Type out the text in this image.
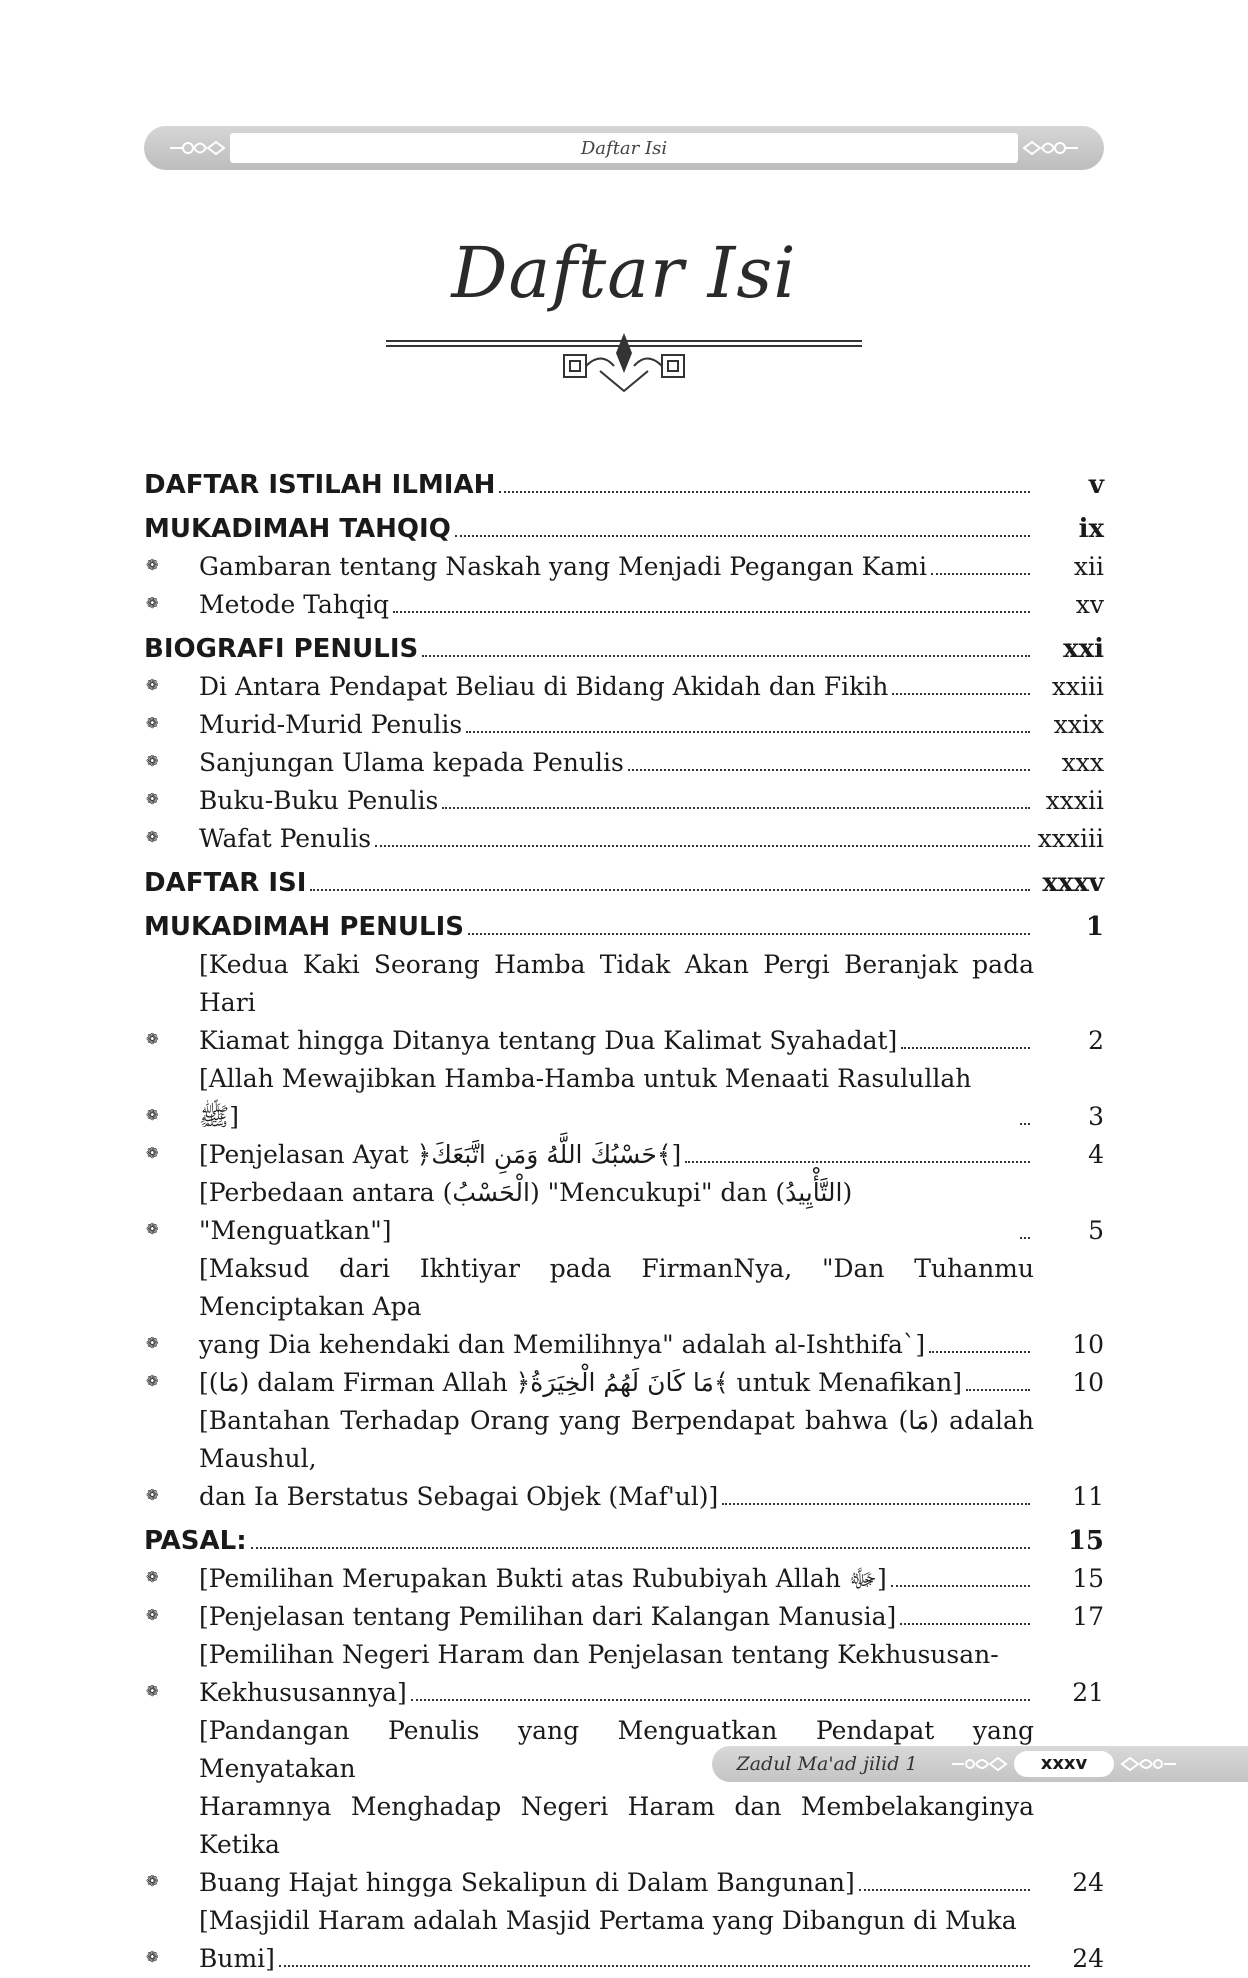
Daftar Isi
Daftar Isi
DAFTAR ISTILAH ILMIAH	v
MUKADIMAH TAHQIQ	ix
❁ Gambaran tentang Naskah yang Menjadi Pegangan Kami	xii
❁ Metode Tahqiq	xv
BIOGRAFI PENULIS	xxi
❁ Di Antara Pendapat Beliau di Bidang Akidah dan Fikih	xxiii
❁ Murid-Murid Penulis	xxix
❁ Sanjungan Ulama kepada Penulis	xxx
❁ Buku-Buku Penulis	xxxii
❁ Wafat Penulis	xxxiii
DAFTAR ISI	xxxv
MUKADIMAH PENULIS	1
❁
[Kedua Kaki Seorang Hamba Tidak Akan Pergi Beranjak pada Hari
Kiamat hingga Ditanya tentang Dua Kalimat Syahadat]	2
❁
[Allah Mewajibkan Hamba-Hamba untuk Menaati Rasulullah ﷺ]	3
❁ [Penjelasan Ayat ﴿حَسْبُكَ اللَّهُ وَمَنِ اتَّبَعَكَ﴾]	4
❁
[Perbedaan antara (الْحَسْبُ) "Mencukupi" dan (التَّأْيِيدُ) "Menguatkan"]	5
❁
[Maksud dari Ikhtiyar pada FirmanNya, "Dan Tuhanmu Menciptakan Apa
yang Dia kehendaki dan Memilihnya" adalah al-Ishthifa`]	10
❁ [(مَا) dalam Firman Allah ﴿مَا كَانَ لَهُمُ الْخِيَرَةُ﴾ untuk Menafikan]	10
❁
[Bantahan Terhadap Orang yang Berpendapat bahwa (مَا) adalah Maushul,
dan Ia Berstatus Sebagai Objek (Maf'ul)]	11
PASAL:	15
❁ [Pemilihan Merupakan Bukti atas Rububiyah Allah ﷻ]	15
❁ [Penjelasan tentang Pemilihan dari Kalangan Manusia]	17
❁
[Pemilihan Negeri Haram dan Penjelasan tentang Kekhususan-
Kekhususannya]	21
❁
[Pandangan Penulis yang Menguatkan Pendapat yang Menyatakan
Haramnya Menghadap Negeri Haram dan Membelakanginya Ketika
Buang Hajat hingga Sekalipun di Dalam Bangunan]	24
❁
[Masjidil Haram adalah Masjid Pertama yang Dibangun di Muka
Bumi]	24
Zadul Ma'ad jilid 1	xxxv
